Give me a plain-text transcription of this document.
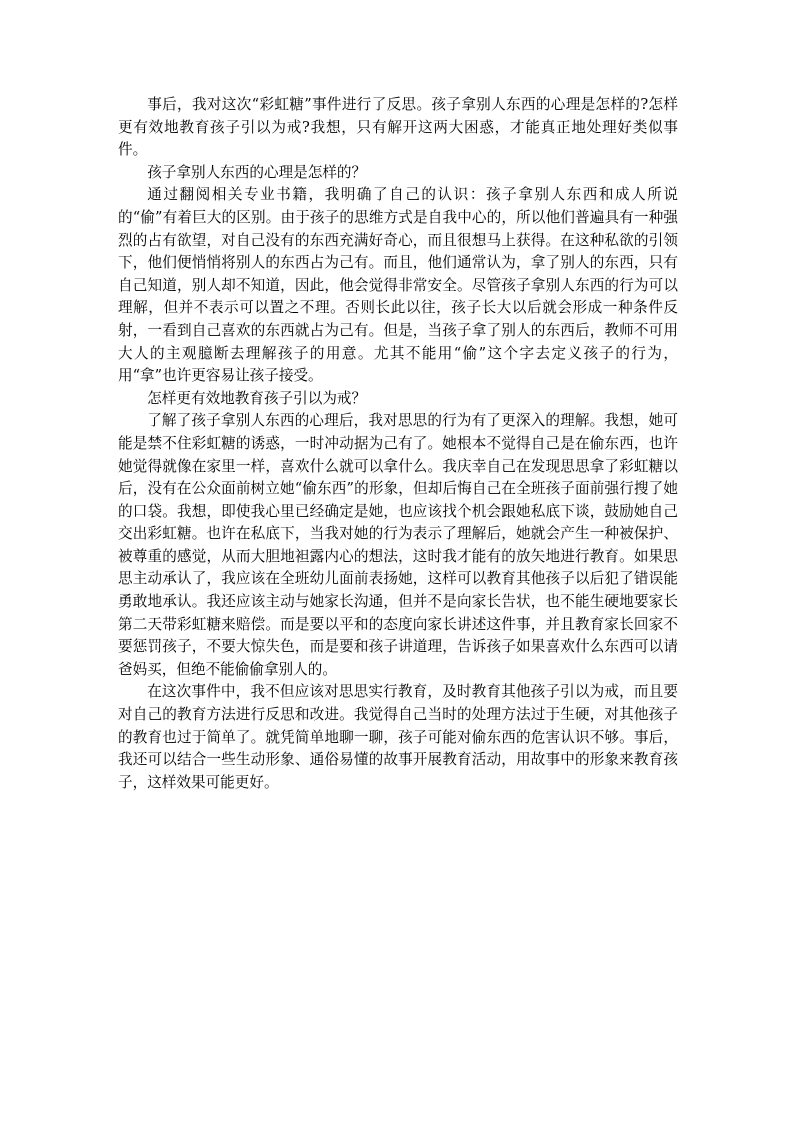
事后，我对这次“彩虹糖”事件进行了反思。孩子拿别人东西的心理是怎样的?怎样更有效地教育孩子引以为戒?我想，只有解开这两大困惑，才能真正地处理好类似事件。

孩子拿别人东西的心理是怎样的？

通过翻阅相关专业书籍，我明确了自己的认识：孩子拿别人东西和成人所说的“偷”有着巨大的区别。由于孩子的思维方式是自我中心的，所以他们普遍具有一种强烈的占有欲望，对自己没有的东西充满好奇心，而且很想马上获得。在这种私欲的引领下，他们便悄悄将别人的东西占为己有。而且，他们通常认为，拿了别人的东西，只有自己知道，别人却不知道，因此，他会觉得非常安全。尽管孩子拿别人东西的行为可以理解，但并不表示可以置之不理。否则长此以往，孩子长大以后就会形成一种条件反射，一看到自己喜欢的东西就占为己有。但是，当孩子拿了别人的东西后，教师不可用大人的主观臆断去理解孩子的用意。尤其不能用“偷”这个字去定义孩子的行为，用“拿”也许更容易让孩子接受。

怎样更有效地教育孩子引以为戒？

了解了孩子拿别人东西的心理后，我对思思的行为有了更深入的理解。我想，她可能是禁不住彩虹糖的诱惑，一时冲动据为己有了。她根本不觉得自己是在偷东西，也许她觉得就像在家里一样，喜欢什么就可以拿什么。我庆幸自己在发现思思拿了彩虹糖以后，没有在公众面前树立她“偷东西”的形象，但却后悔自己在全班孩子面前强行搜了她的口袋。我想，即使我心里已经确定是她，也应该找个机会跟她私底下谈，鼓励她自己交出彩虹糖。也许在私底下，当我对她的行为表示了理解后，她就会产生一种被保护、被尊重的感觉，从而大胆地袒露内心的想法，这时我才能有的放矢地进行教育。如果思思主动承认了，我应该在全班幼儿面前表扬她，这样可以教育其他孩子以后犯了错误能勇敢地承认。我还应该主动与她家长沟通，但并不是向家长告状，也不能生硬地要家长第二天带彩虹糖来赔偿。而是要以平和的态度向家长讲述这件事，并且教育家长回家不要惩罚孩子，不要大惊失色，而是要和孩子讲道理，告诉孩子如果喜欢什么东西可以请爸妈买，但绝不能偷偷拿别人的。

在这次事件中，我不但应该对思思实行教育，及时教育其他孩子引以为戒，而且要对自己的教育方法进行反思和改进。我觉得自己当时的处理方法过于生硬，对其他孩子的教育也过于简单了。就凭简单地聊一聊，孩子可能对偷东西的危害认识不够。事后，我还可以结合一些生动形象、通俗易懂的故事开展教育活动，用故事中的形象来教育孩子，这样效果可能更好。
